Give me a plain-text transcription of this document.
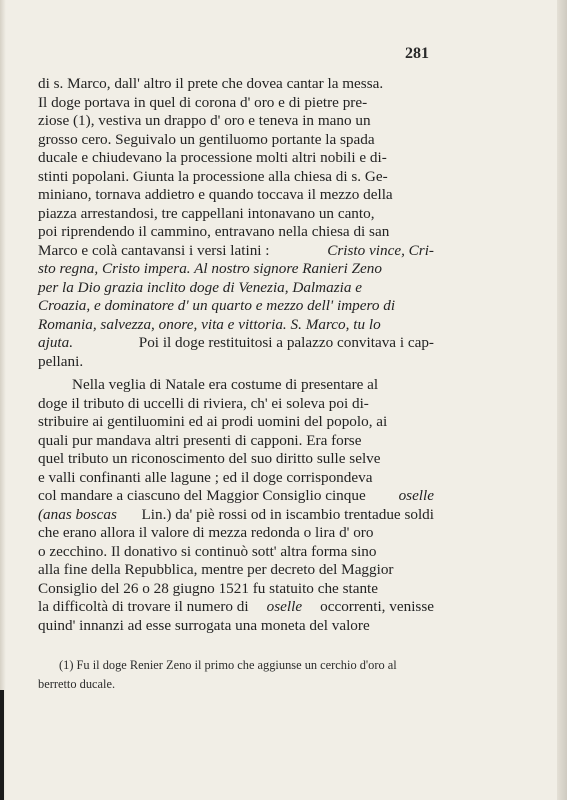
281
di s. Marco, dall' altro il prete che dovea cantar la messa.
Il doge portava in quel di corona d' oro e di pietre pre-
ziose (1), vestiva un drappo d' oro e teneva in mano un
grosso cero. Seguivalo un gentiluomo portante la spada
ducale e chiudevano la processione molti altri nobili e di-
stinti popolani. Giunta la processione alla chiesa di s. Ge-
miniano, tornava addietro e quando toccava il mezzo della
piazza arrestandosi, tre cappellani intonavano un canto,
poi riprendendo il cammino, entravano nella chiesa di san
Marco e colà cantavansi i versi latini :	Cristo vince, Cri-
sto regna, Cristo impera. Al nostro signore Ranieri Zeno
per la Dio grazia inclito doge di Venezia, Dalmazia e
Croazia, e dominatore d' un quarto e mezzo dell' impero di
Romania, salvezza, onore, vita e vittoria. S. Marco, tu lo
ajuta.
	Poi il doge restituitosi a palazzo convitava i cap-
pellani.
Nella veglia di Natale era costume di presentare al
doge il tributo di uccelli di riviera, ch' ei soleva poi di-
stribuire ai gentiluomini ed ai prodi uomini del popolo, ai
quali pur mandava altri presenti di capponi. Era forse
quel tributo un riconoscimento del suo diritto sulle selve
e valli confinanti alle lagune ; ed il doge corrispondeva
col mandare a ciascuno del Maggior Consiglio cinque oselle
(anas boscas Lin.) da' piè rossi od in iscambio trentadue soldi
che erano allora il valore di mezza redonda o lira d' oro
o zecchino. Il donativo si continuò sott' altra forma sino
alla fine della Repubblica, mentre per decreto del Maggior
Consiglio del 26 o 28 giugno 1521 fu statuito che stante
la difficoltà di trovare il numero di oselle occorrenti, venisse
quind' innanzi ad esse surrogata una moneta del valore
(1) Fu il doge Renier Zeno il primo che aggiunse un cerchio d'oro al
berretto ducale.
